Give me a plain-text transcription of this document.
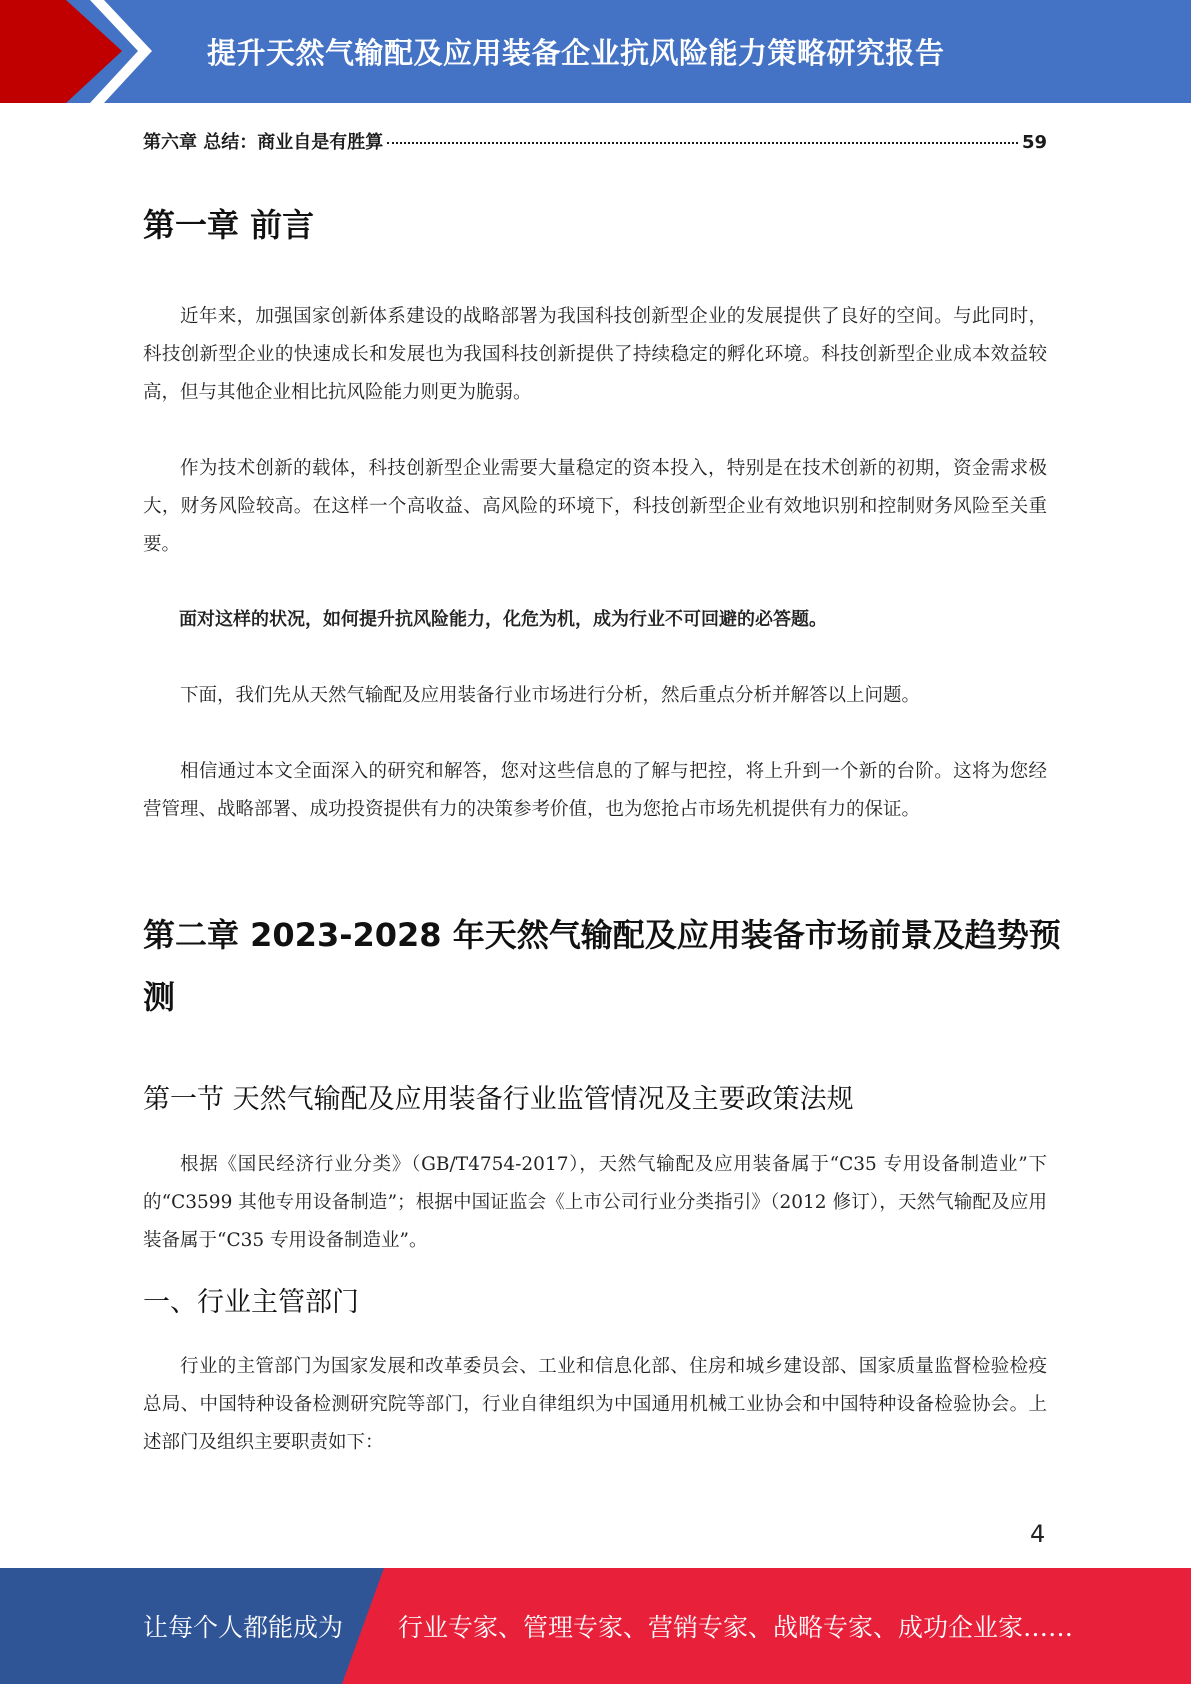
提升天然气输配及应用装备企业抗风险能力策略研究报告
第六章 总结：商业自是有胜算	59
第一章 前言
近年来，加强国家创新体系建设的战略部署为我国科技创新型企业的发展提供了良好的空间。与此同时，科技创新型企业的快速成长和发展也为我国科技创新提供了持续稳定的孵化环境。科技创新型企业成本效益较高，但与其他企业相比抗风险能力则更为脆弱。
作为技术创新的载体，科技创新型企业需要大量稳定的资本投入，特别是在技术创新的初期，资金需求极大，财务风险较高。在这样一个高收益、高风险的环境下，科技创新型企业有效地识别和控制财务风险至关重要。
面对这样的状况，如何提升抗风险能力，化危为机，成为行业不可回避的必答题。
下面，我们先从天然气输配及应用装备行业市场进行分析，然后重点分析并解答以上问题。
相信通过本文全面深入的研究和解答，您对这些信息的了解与把控，将上升到一个新的台阶。这将为您经营管理、战略部署、成功投资提供有力的决策参考价值，也为您抢占市场先机提供有力的保证。
第二章 2023-2028 年天然气输配及应用装备市场前景及趋势预
测
第一节 天然气输配及应用装备行业监管情况及主要政策法规
根据《国民经济行业分类》（GB/T4754-2017），天然气输配及应用装备属于“C35 专用设备制造业”下的“C3599 其他专用设备制造”；根据中国证监会《上市公司行业分类指引》（2012 修订），天然气输配及应用装备属于“C35 专用设备制造业”。
一、行业主管部门
行业的主管部门为国家发展和改革委员会、工业和信息化部、住房和城乡建设部、国家质量监督检验检疫总局、中国特种设备检测研究院等部门，行业自律组织为中国通用机械工业协会和中国特种设备检验协会。上述部门及组织主要职责如下：
4
让每个人都能成为 行业专家、管理专家、营销专家、战略专家、成功企业家……
